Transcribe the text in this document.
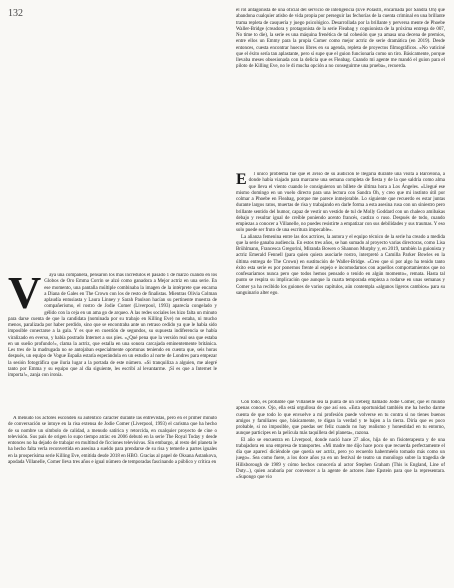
132
V	aya una compañera, pensaron los más incrédulos el pasado 1 de marzo cuando en los Globos de Oro Emma Corrin se alzó como ganadora a Mejor actriz en una serie. En ese momento, una pantalla múltiple combinaba la imagen de la intérprete que encarna a Diana de Gales en The Crown con los de resto de finalistas. Mientras Olivia Colman aplaudía entusiasta y Laura Linney y Sarah Paulson hacían su pertinente muestra de compañerismo, el rostro de Jodie Comer (Liverpool, 1993) aparecía congelado y gélido con la ceja en un ama go de arqueo. A las redes sociales les hizo falta un minuto para darse cuenta de que la candidata (nominada por su trabajo en Killing Eve) no estaba, ni mucho menos, paralizada por haber perdido, sino que se encontraba ante un retraso cedido ya que le había sido imposible conectarse a la gala. Y es que en cuestión de segundos, su supuesta indiferencia se había viralizado en everso, y había postrado Internet a sus pies. «¿Qué pena que la versión real sea que estaba en un sueño profundo!», clama la actriz, que estalla en una sonora carcajada eminentemente británica. Les tres de la madrugada no se antojaban especialmente oportunas teniendo en cuenta que, seis horas después, un equipo de Vogue España estaría esperándola en un estudio al norte de Londres para empezar la sesión fotográfica que iluria lugar a la portada de este número. «Si tranquiliza a alguien, me alegré tanto por Emma y su equipo que al día siguiente, les escribí al levantarme. ¡Sí es que a Internet le importa!», zanja con ironía.

A menudo los actores esconden su auténtico carácter durante las entrevistas, pero en el primer minuto de conversación se intuye en la risa extensa de Jodie Comer (Liverpool, 1993) el carisma que ha hecho de su nombre un símbolo de calidad, a menudo satírica y retorcida, en cualquier proyecto de cine o televisión. Sus país de origen lo supo tiempo atrás: en 2006 debutó en la serie The Royal Today y desde entonces no ha dejado de trabajar en multitud de ficciones televisivas. Sin embargo, al resto del planeta le ha hecho falta verla reconvertida en asesina a sueldo para prendarse de su risa y temerle a partes iguales en la prosperísima serie Killing Eve, emitida desde 2018 en HBO. Gracias al papel de Oksana Astankova, apodada Villanelle, Comer lleva tres años e igual número de temporadas fascinando a público y crítica en

el rol antagonista de una oficial del servicio de inteligencia (Eve Polastri, encarnada por Sandra Oh) que abandona cualquier atisbo de vida propia por perseguir las fechorías de la cuenta criminal en una brillante trama repleta de casquería y juego psicológico. Desarrollada por la brillante y perversa mente de Phoebe Waller-Bridge (creadora y protagonista de la serie Fleabag y coguionista de la próxima entrega de 007, No time to die), la serie es una máquina frenética de tal cohesión que ya amasa una decena de premios, entre ellos un Emmy para la propia Comer como mejor actriz de serie dramática (en 2019). Desde entonces, cuesta encontrar huecos libres en su agenda, repleta de proyectos filmográficos. «No vaticiné que el éxito sería tan aplastante, pero sí supe que el guion funcionaría como un tiro. Básicamente, porque llevaba meses obsesionada con la delicia que es Fleabag. Cuando mi agente me mandó el guion para el piloto de Killing Eve, no le di mucha opción a no conseguirme una prueba», recuerda.

E	l único problema fue que el aviso de su audición le llegaría durante una visita a Barcelona, a donde había viajado para marcarse una semana completa de fiesta y de la que saldría como alma que lleva el viento cuando le consiguieron un billete de última hora a Los Ángeles. «Llegué ese mismo domingo en un vuelo directo para una lectura con Sandra Oh, y creo que mi instinto útil por colmar a Phoebe en Fleabag, porque me parece inmejorable. Lo siguiente que recuerdo es estar juntas durante largos ratos, muertas de risa y trabajando en darle forma a esta asesina rusa con un siniestro pero brillante sentido del humor, capaz de vestir un vestido de tul de Molly Goddard con un chaleco amibakas debajo y resultar igual de creíble poniendo acento francés, castizo o ruso. Después de todo, cuando empiezas a conocer a Villanelle, no puedes resistirte a empatizar con sus debilidades y sus traumas. Y eso solo puede ser fruto de una escritura impecable».

La alianza femenina entre las dos actrices, la autora y el equipo técnico de la serie ha creado a medida que la serie ganaba audiencia. En estos tres años, se han sumado al proyecto varias directoras, como Lisa Brühlmann, Francesca Gregorini, Miranda Bowen o Shannon Murphy y, en 2019, también la guionista y actriz Emerald Fennell (para quien quiera asociarle rostro, interpretó a Camilla Parker Bowles en la última entrega de The Crown) en sustitución de Waller-Bridge. «Creo que si por algo ha tenido tanto éxito esta serie es por ponernos frente al espejo e incomodarnos con aquellos comportamientos que no confesaríamos nunca pero que todos hemos pensado o tenido en algún momento», remata. Hasta tal punto se respira su implicación que aunque la cuarta temporada empieza a rodarse en unas semanas y Comer ya ha recibido los guiones de varios capítulos, aún contempla «algunos ligeros cambios» para su sanguinario alter ego.

Con todo, es probable que Villanelle sea la punta de un iceberg llamado Jodie Comer, que el mundo apenas conoce. Ojo, ella está orgullosa de que así sea. «Esta oportunidad también me ha hecho darme cuenta de que todo lo que envuelve a mi profesión puede volverse en tu contra si no tienes buenos amigos y familiares que, básicamente, te digan la verdad y te bajen a la tierra. Diría que es poco probable, si no imposible, que puedas ser feliz cuando no hay realismo y honestidad en tu entorno, aunque participes en la película más taquillera del planeta», razona.

El año se encuentra en Liverpool, donde nació hace 27 años, hija de un fisioterapeuta y de una trabajadora en una empresa de transportes. «Mi madre me dijo hace poco que recuerda perfectamente el día que aparecí diciéndole que quería ser actriz, pero yo recuerdo haberméelo tomado más como un juego». Sea como fuere, a los doce años ya en un festival de teatro un monólogo sobre la tragedia de Hillsborough de 1989 y cómo hechos conocería al actor Stephen Graham (This is England, Line of Duty...), quien acabaría por convencer a la agente de actores Jane Epstein para que la representara. «Supongo que vio
